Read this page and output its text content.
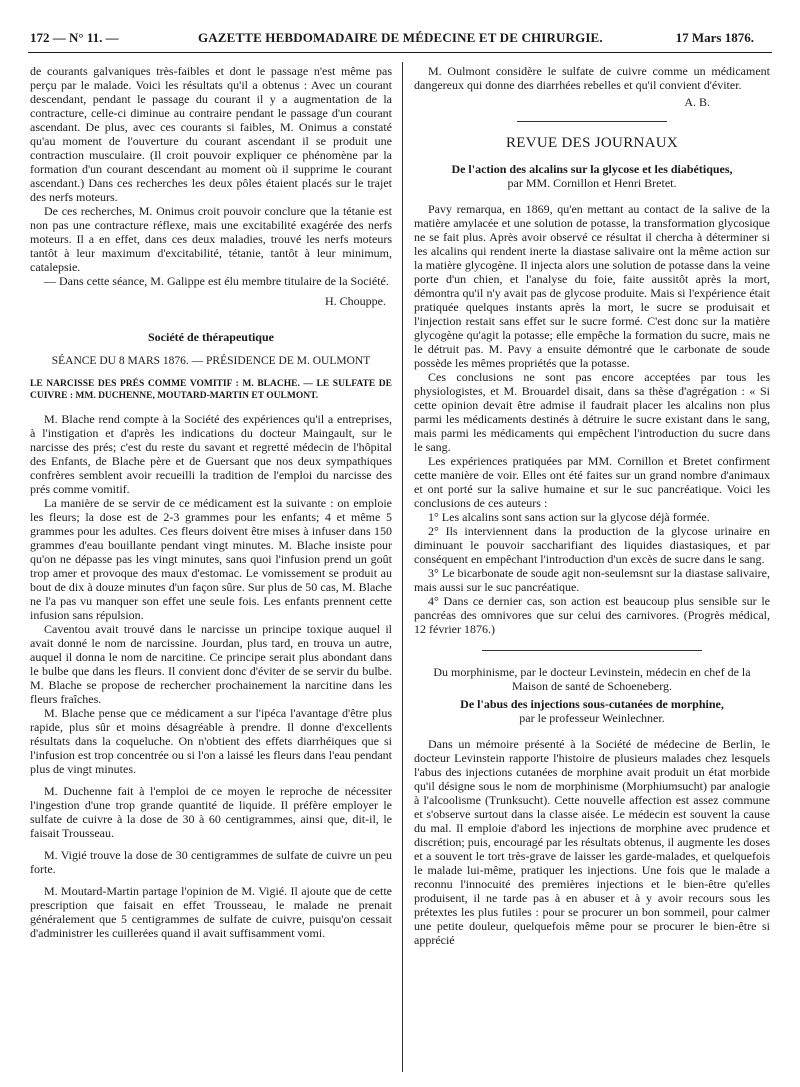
172 — N° 11. —	GAZETTE HEBDOMADAIRE DE MÉDECINE ET DE CHIRURGIE.	17 Mars 1876.

de courants galvaniques très-faibles et dont le passage n'est même pas perçu par le malade. Voici les résultats qu'il a obtenus : Avec un courant descendant, pendant le passage du courant il y a augmentation de la contracture, celle-ci diminue au contraire pendant le passage d'un courant ascendant. De plus, avec ces courants si faibles, M. Onimus a constaté qu'au moment de l'ouverture du courant ascendant il se produit une contraction musculaire. (Il croit pouvoir expliquer ce phénomène par la formation d'un courant descendant au moment où il supprime le courant ascendant.) Dans ces recherches les deux pôles étaient placés sur le trajet des nerfs moteurs.

De ces recherches, M. Onimus croit pouvoir conclure que la tétanie est non pas une contracture réflexe, mais une excitabilité exagérée des nerfs moteurs. Il a en effet, dans ces deux maladies, trouvé les nerfs moteurs tantôt à leur maximum d'excitabilité, tétanie, tantôt à leur minimum, catalepsie.

— Dans cette séance, M. Galippe est élu membre titulaire de la Société.

H. Chouppe.
Société de thérapeutique
SÉANCE DU 8 MARS 1876. — PRÉSIDENCE DE M. OULMONT
LE NARCISSE DES PRÉS COMME VOMITIF : M. BLACHE. — LE SULFATE DE CUIVRE : MM. DUCHENNE, MOUTARD-MARTIN ET OULMONT.

M. Blache rend compte à la Société des expériences qu'il a entreprises, à l'instigation et d'après les indications du docteur Maingault, sur le narcisse des prés; c'est du reste du savant et regretté médecin de l'hôpital des Enfants, de Blache père et de Guersant que nos deux sympathiques confrères semblent avoir recueilli la tradition de l'emploi du narcisse des prés comme vomitif.

La manière de se servir de ce médicament est la suivante : on emploie les fleurs; la dose est de 2-3 grammes pour les enfants; 4 et même 5 grammes pour les adultes. Ces fleurs doivent être mises à infuser dans 150 grammes d'eau bouillante pendant vingt minutes. M. Blache insiste pour qu'on ne dépasse pas les vingt minutes, sans quoi l'infusion prend un goût trop amer et provoque des maux d'estomac. Le vomissement se produit au bout de dix à douze minutes d'un façon sûre. Sur plus de 50 cas, M. Blache ne l'a pas vu manquer son effet une seule fois. Les enfants prennent cette infusion sans répulsion.

Caventou avait trouvé dans le narcisse un principe toxique auquel il avait donné le nom de narcissine. Jourdan, plus tard, en trouva un autre, auquel il donna le nom de narcitine. Ce principe serait plus abondant dans le bulbe que dans les fleurs. Il convient donc d'éviter de se servir du bulbe. M. Blache se propose de rechercher prochainement la narcitine dans les fleurs fraîches.

M. Blache pense que ce médicament a sur l'ipéca l'avantage d'être plus rapide, plus sûr et moins désagréable à prendre. Il donne d'excellents résultats dans la coqueluche. On n'obtient des effets diarrhéiques que si l'infusion est trop concentrée ou si l'on a laissé les fleurs dans l'eau pendant plus de vingt minutes.

M. Duchenne fait à l'emploi de ce moyen le reproche de nécessiter l'ingestion d'une trop grande quantité de liquide. Il préfère employer le sulfate de cuivre à la dose de 30 à 60 centigrammes, ainsi que, dit-il, le faisait Trousseau.

M. Vigié trouve la dose de 30 centigrammes de sulfate de cuivre un peu forte.

M. Moutard-Martin partage l'opinion de M. Vigié. Il ajoute que de cette prescription que faisait en effet Trousseau, le malade ne prenait généralement que 5 centigrammes de sulfate de cuivre, puisqu'on cessait d'administrer les cuillerées quand il avait suffisamment vomi.

M. Oulmont considère le sulfate de cuivre comme un médicament dangereux qui donne des diarrhées rebelles et qu'il convient d'éviter.

A. B.
REVUE DES JOURNAUX
De l'action des alcalins sur la glycose et les diabétiques,
par MM. Cornillon et Henri Bretet.

Pavy remarqua, en 1869, qu'en mettant au contact de la salive de la matière amylacée et une solution de potasse, la transformation glycosique ne se fait plus. Après avoir observé ce résultat il chercha à déterminer si les alcalins qui rendent inerte la diastase salivaire ont la même action sur la matière glycogène. Il injecta alors une solution de potasse dans la veine porte d'un chien, et l'analyse du foie, faite aussitôt après la mort, démontra qu'il n'y avait pas de glycose produite. Mais si l'expérience était pratiquée quelques instants après la mort, le sucre se produisait et l'injection restait sans effet sur le sucre formé. C'est donc sur la matière glycogène qu'agit la potasse; elle empêche la formation du sucre, mais ne le détruit pas. M. Pavy a ensuite démontré que le carbonate de soude possède les mêmes propriétés que la potasse.

Ces conclusions ne sont pas encore acceptées par tous les physiologistes, et M. Brouardel disait, dans sa thèse d'agrégation : « Si cette opinion devait être admise il faudrait placer les alcalins non plus parmi les médicaments destinés à détruire le sucre existant dans le sang, mais parmi les médicaments qui empêchent l'introduction du sucre dans le sang.

Les expériences pratiquées par MM. Cornillon et Bretet confirment cette manière de voir. Elles ont été faites sur un grand nombre d'animaux et ont porté sur la salive humaine et sur le suc pancréatique. Voici les conclusions de ces auteurs :

1° Les alcalins sont sans action sur la glycose déjà formée.

2° Ils interviennent dans la production de la glycose urinaire en diminuant le pouvoir saccharifiant des liquides diastasiques, et par conséquent en empêchant l'introduction d'un excès de sucre dans le sang.

3° Le bicarbonate de soude agit non-seulemsnt sur la diastase salivaire, mais aussi sur le suc pancréatique.

4° Dans ce dernier cas, son action est beaucoup plus sensible sur le pancréas des omnivores que sur celui des carnivores. (Progrès médical, 12 février 1876.)

Du morphinisme, par le docteur Levinstein, médecin en chef de la Maison de santé de Schoeneberg.

De l'abus des injections sous-cutanées de morphine,
par le professeur Weinlechner.

Dans un mémoire présenté à la Société de médecine de Berlin, le docteur Levinstein rapporte l'histoire de plusieurs malades chez lesquels l'abus des injections cutanées de morphine avait produit un état morbide qu'il désigne sous le nom de morphinisme (Morphiumsucht) par analogie à l'alcoolisme (Trunksucht). Cette nouvelle affection est assez commune et s'observe surtout dans la classe aisée. Le médecin est souvent la cause du mal. Il emploie d'abord les injections de morphine avec prudence et discrétion; puis, encouragé par les résultats obtenus, il augmente les doses et a souvent le tort très-grave de laisser les garde-malades, et quelquefois le malade lui-même, pratiquer les injections. Une fois que le malade a reconnu l'innocuité des premières injections et le bien-être qu'elles produisent, il ne tarde pas à en abuser et à y avoir recours sous les prétextes les plus futiles : pour se procurer un bon sommeil, pour calmer une petite douleur, quelquefois même pour se procurer le bien-être si apprécié
